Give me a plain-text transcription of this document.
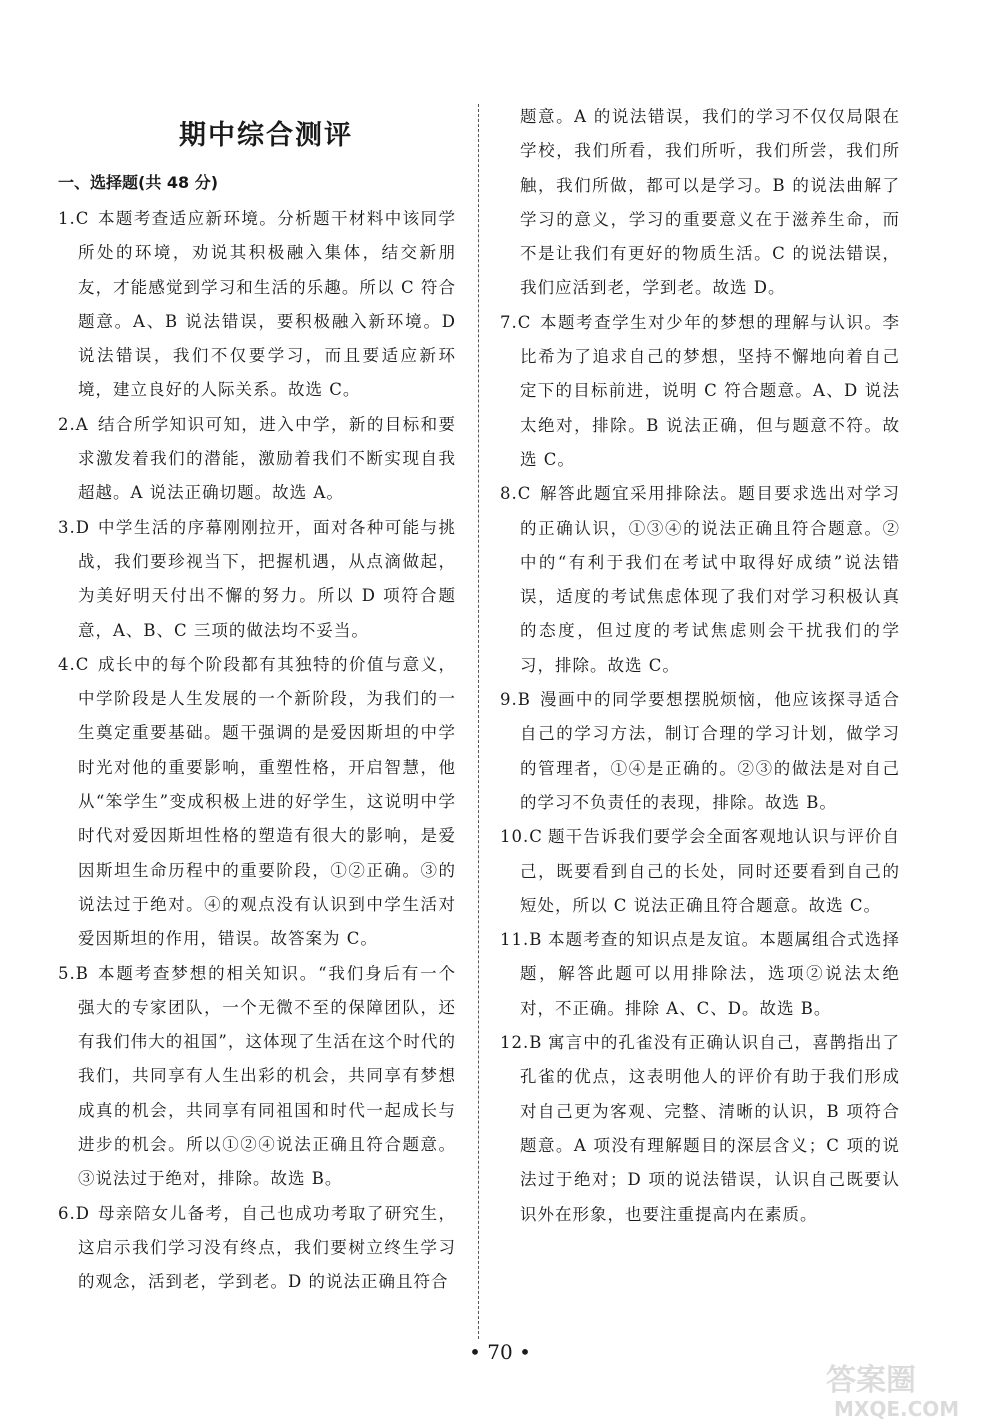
期中综合测评
一、选择题(共 48 分)
1.C 本题考查适应新环境。分析题干材料中该同学所处的环境，劝说其积极融入集体，结交新朋友，才能感觉到学习和生活的乐趣。所以 C 符合题意。A、B 说法错误，要积极融入新环境。D 说法错误，我们不仅要学习，而且要适应新环境，建立良好的人际关系。故选 C。
2.A 结合所学知识可知，进入中学，新的目标和要求激发着我们的潜能，激励着我们不断实现自我超越。A 说法正确切题。故选 A。
3.D 中学生活的序幕刚刚拉开，面对各种可能与挑战，我们要珍视当下，把握机遇，从点滴做起，为美好明天付出不懈的努力。所以 D 项符合题意，A、B、C 三项的做法均不妥当。
4.C 成长中的每个阶段都有其独特的价值与意义，中学阶段是人生发展的一个新阶段，为我们的一生奠定重要基础。题干强调的是爱因斯坦的中学时光对他的重要影响，重塑性格，开启智慧，他从“笨学生”变成积极上进的好学生，这说明中学时代对爱因斯坦性格的塑造有很大的影响，是爱因斯坦生命历程中的重要阶段，①②正确。③的说法过于绝对。④的观点没有认识到中学生活对爱因斯坦的作用，错误。故答案为 C。
5.B 本题考查梦想的相关知识。“我们身后有一个强大的专家团队，一个无微不至的保障团队，还有我们伟大的祖国”，这体现了生活在这个时代的我们，共同享有人生出彩的机会，共同享有梦想成真的机会，共同享有同祖国和时代一起成长与进步的机会。所以①②④说法正确且符合题意。③说法过于绝对，排除。故选 B。
6.D 母亲陪女儿备考，自己也成功考取了研究生，这启示我们学习没有终点，我们要树立终生学习的观念，活到老，学到老。D 的说法正确且符合
题意。A 的说法错误，我们的学习不仅仅局限在学校，我们所看，我们所听，我们所尝，我们所触，我们所做，都可以是学习。B 的说法曲解了学习的意义，学习的重要意义在于滋养生命，而不是让我们有更好的物质生活。C 的说法错误，我们应活到老，学到老。故选 D。
7.C 本题考查学生对少年的梦想的理解与认识。李比希为了追求自己的梦想，坚持不懈地向着自己定下的目标前进，说明 C 符合题意。A、D 说法太绝对，排除。B 说法正确，但与题意不符。故选 C。
8.C 解答此题宜采用排除法。题目要求选出对学习的正确认识，①③④的说法正确且符合题意。②中的“有利于我们在考试中取得好成绩”说法错误，适度的考试焦虑体现了我们对学习积极认真的态度，但过度的考试焦虑则会干扰我们的学习，排除。故选 C。
9.B 漫画中的同学要想摆脱烦恼，他应该探寻适合自己的学习方法，制订合理的学习计划，做学习的管理者，①④是正确的。②③的做法是对自己的学习不负责任的表现，排除。故选 B。
10.C 题干告诉我们要学会全面客观地认识与评价自己，既要看到自己的长处，同时还要看到自己的短处，所以 C 说法正确且符合题意。故选 C。
11.B 本题考查的知识点是友谊。本题属组合式选择题，解答此题可以用排除法，选项②说法太绝对，不正确。排除 A、C、D。故选 B。
12.B 寓言中的孔雀没有正确认识自己，喜鹊指出了孔雀的优点，这表明他人的评价有助于我们形成对自己更为客观、完整、清晰的认识，B 项符合题意。A 项没有理解题目的深层含义；C 项的说法过于绝对；D 项的说法错误，认识自己既要认识外在形象，也要注重提高内在素质。
• 70 •
答案圈
MXQE.COM
